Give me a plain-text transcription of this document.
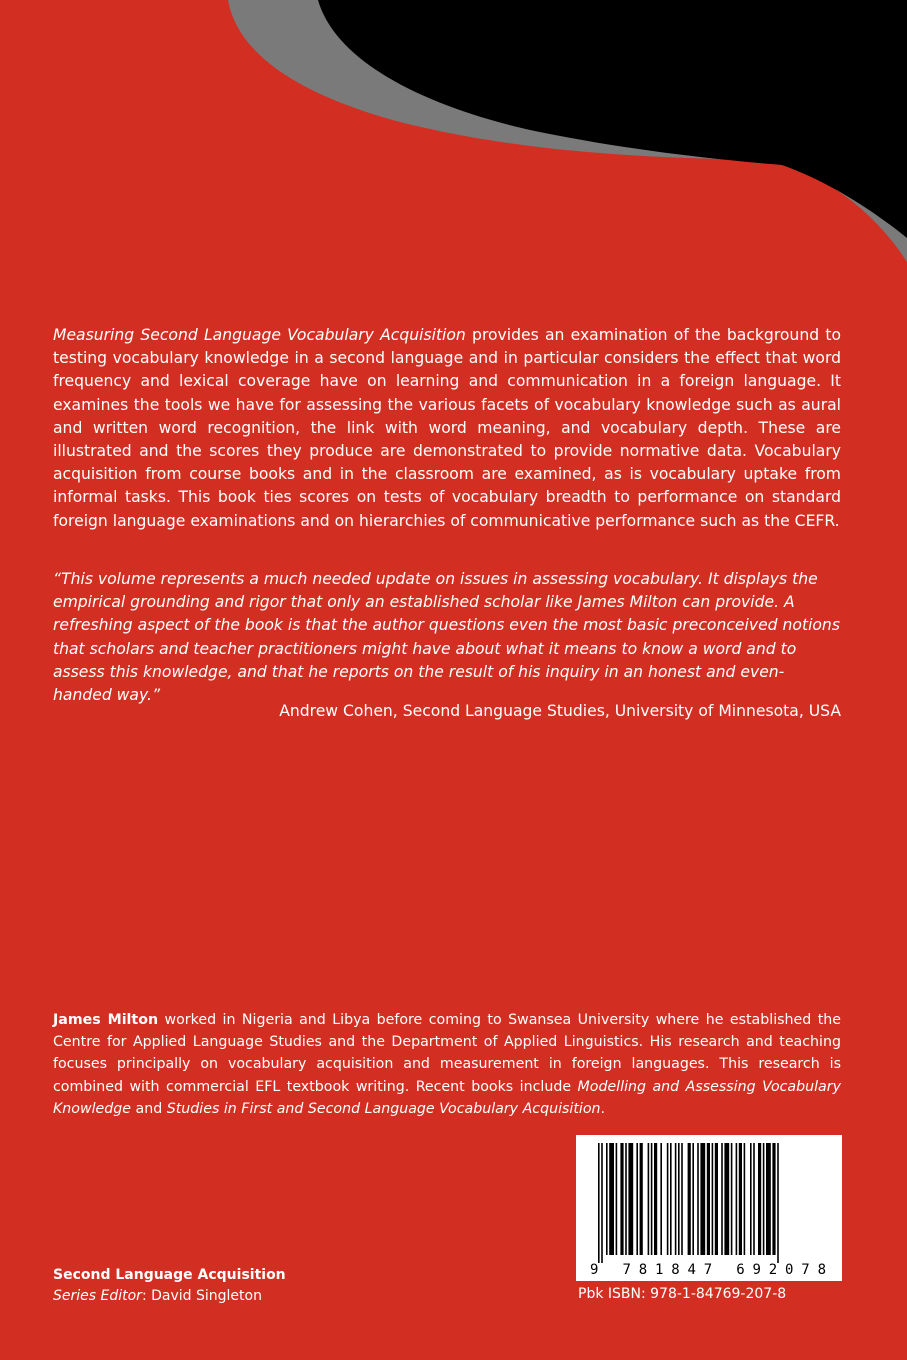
Measuring Second Language Vocabulary Acquisition provides an examination of the background to testing vocabulary knowledge in a second language and in particular considers the effect that word frequency and lexical coverage have on learning and communication in a foreign language. It examines the tools we have for assessing the various facets of vocabulary knowledge such as aural and written word recognition, the link with word meaning, and vocabulary depth. These are illustrated and the scores they produce are demonstrated to provide normative data. Vocabulary acquisition from course books and in the classroom are examined, as is vocabulary uptake from informal tasks. This book ties scores on tests of vocabulary breadth to performance on standard foreign language examinations and on hierarchies of communicative performance such as the CEFR.

“This volume represents a much needed update on issues in assessing vocabulary. It displays the empirical grounding and rigor that only an established scholar like James Milton can provide. A refreshing aspect of the book is that the author questions even the most basic preconceived notions that scholars and teacher practitioners might have about what it means to know a word and to assess this knowledge, and that he reports on the result of his inquiry in an honest and even-handed way.”

Andrew Cohen, Second Language Studies, University of Minnesota, USA

James Milton worked in Nigeria and Libya before coming to Swansea University where he established the Centre for Applied Language Studies and the Department of Applied Linguistics. His research and teaching focuses principally on vocabulary acquisition and measurement in foreign languages. This research is combined with commercial EFL textbook writing. Recent books include Modelling and Assessing Vocabulary Knowledge and Studies in First and Second Language Vocabulary Acquisition.

Second Language Acquisition
Series Editor: David Singleton
9 781847 692078
Pbk ISBN: 978-1-84769-207-8
